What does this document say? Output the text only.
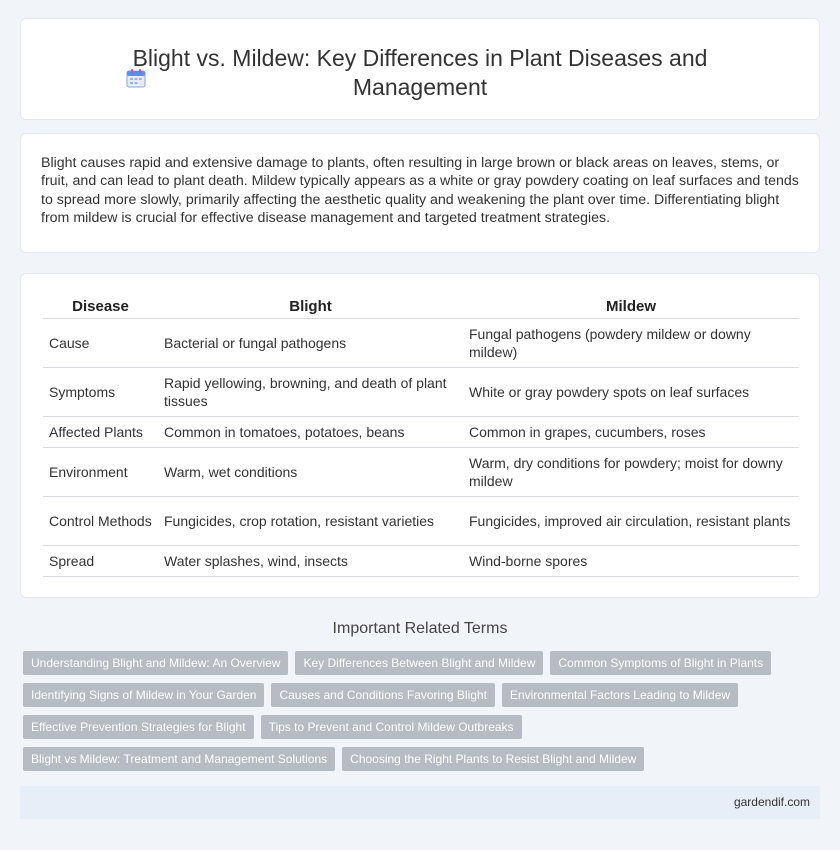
Blight vs. Mildew: Key Differences in Plant Diseases and Management

Blight causes rapid and extensive damage to plants, often resulting in large brown or black areas on leaves, stems, or fruit, and can lead to plant death. Mildew typically appears as a white or gray powdery coating on leaf surfaces and tends to spread more slowly, primarily affecting the aesthetic quality and weakening the plant over time. Differentiating blight from mildew is crucial for effective disease management and targeted treatment strategies.

Disease	Blight	Mildew
Cause	Bacterial or fungal pathogens	Fungal pathogens (powdery mildew or downy mildew)
Symptoms	Rapid yellowing, browning, and death of plant tissues	White or gray powdery spots on leaf surfaces
Affected Plants	Common in tomatoes, potatoes, beans	Common in grapes, cucumbers, roses
Environment	Warm, wet conditions	Warm, dry conditions for powdery; moist for downy mildew
Control Methods	Fungicides, crop rotation, resistant varieties	Fungicides, improved air circulation, resistant plants
Spread	Water splashes, wind, insects	Wind-borne spores
Important Related Terms
Understanding Blight and Mildew: An Overview Key Differences Between Blight and Mildew Common Symptoms of Blight in Plants
Identifying Signs of Mildew in Your Garden Causes and Conditions Favoring Blight Environmental Factors Leading to Mildew
Effective Prevention Strategies for Blight Tips to Prevent and Control Mildew Outbreaks
Blight vs Mildew: Treatment and Management Solutions Choosing the Right Plants to Resist Blight and Mildew
gardendif.com
